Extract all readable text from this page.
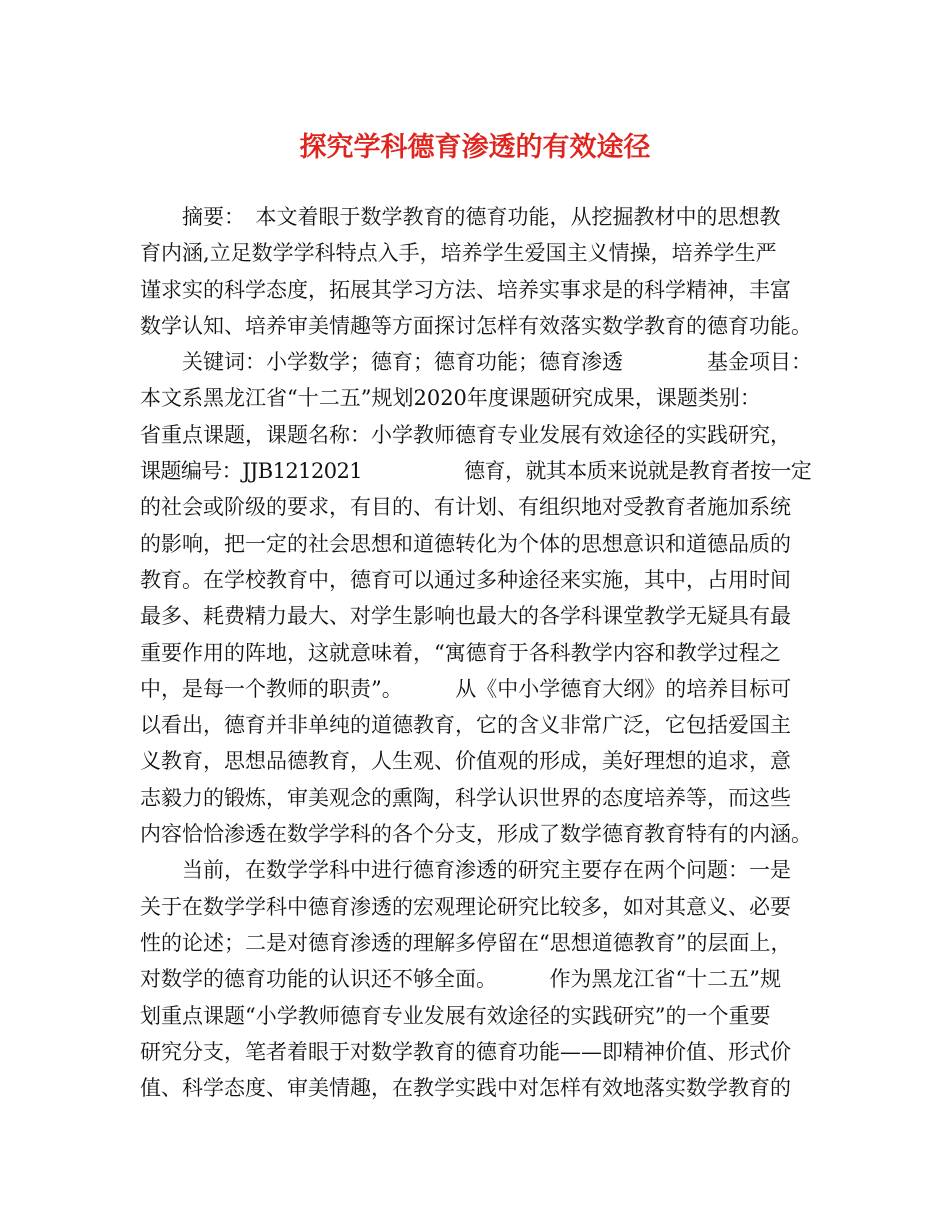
探究学科德育渗透的有效途径
　　摘要：　本文着眼于数学教育的德育功能，从挖掘教材中的思想教
育内涵,立足数学学科特点入手，培养学生爱国主义情操，培养学生严
谨求实的科学态度，拓展其学习方法、培养实事求是的科学精神，丰富
数学认知、培养审美情趣等方面探讨怎样有效落实数学教育的德育功能。
　　关键词：小学数学；德育；德育功能；德育渗透　　　　基金项目：
本文系黑龙江省“十二五”规划2020年度课题研究成果，课题类别：
省重点课题，课题名称：小学教师德育专业发展有效途径的实践研究，
课题编号：JJB1212021　　　　　德育，就其本质来说就是教育者按一定
的社会或阶级的要求，有目的、有计划、有组织地对受教育者施加系统
的影响，把一定的社会思想和道德转化为个体的思想意识和道德品质的
教育。在学校教育中，德育可以通过多种途径来实施，其中，占用时间
最多、耗费精力最大、对学生影响也最大的各学科课堂教学无疑具有最
重要作用的阵地，这就意味着，“寓德育于各科教学内容和教学过程之
中，是每一个教师的职责”。　　　从《中小学德育大纲》的培养目标可
以看出，德育并非单纯的道德教育，它的含义非常广泛，它包括爱国主
义教育，思想品德教育，人生观、价值观的形成，美好理想的追求，意
志毅力的锻炼，审美观念的熏陶，科学认识世界的态度培养等，而这些
内容恰恰渗透在数学学科的各个分支，形成了数学德育教育特有的内涵。
　　当前，在数学学科中进行德育渗透的研究主要存在两个问题：一是
关于在数学学科中德育渗透的宏观理论研究比较多，如对其意义、必要
性的论述；二是对德育渗透的理解多停留在“思想道德教育”的层面上，
对数学的德育功能的认识还不够全面。　　　作为黑龙江省“十二五”规
划重点课题“小学教师德育专业发展有效途径的实践研究”的一个重要
研究分支，笔者着眼于对数学教育的德育功能——即精神价值、形式价
值、科学态度、审美情趣，在教学实践中对怎样有效地落实数学教育的
